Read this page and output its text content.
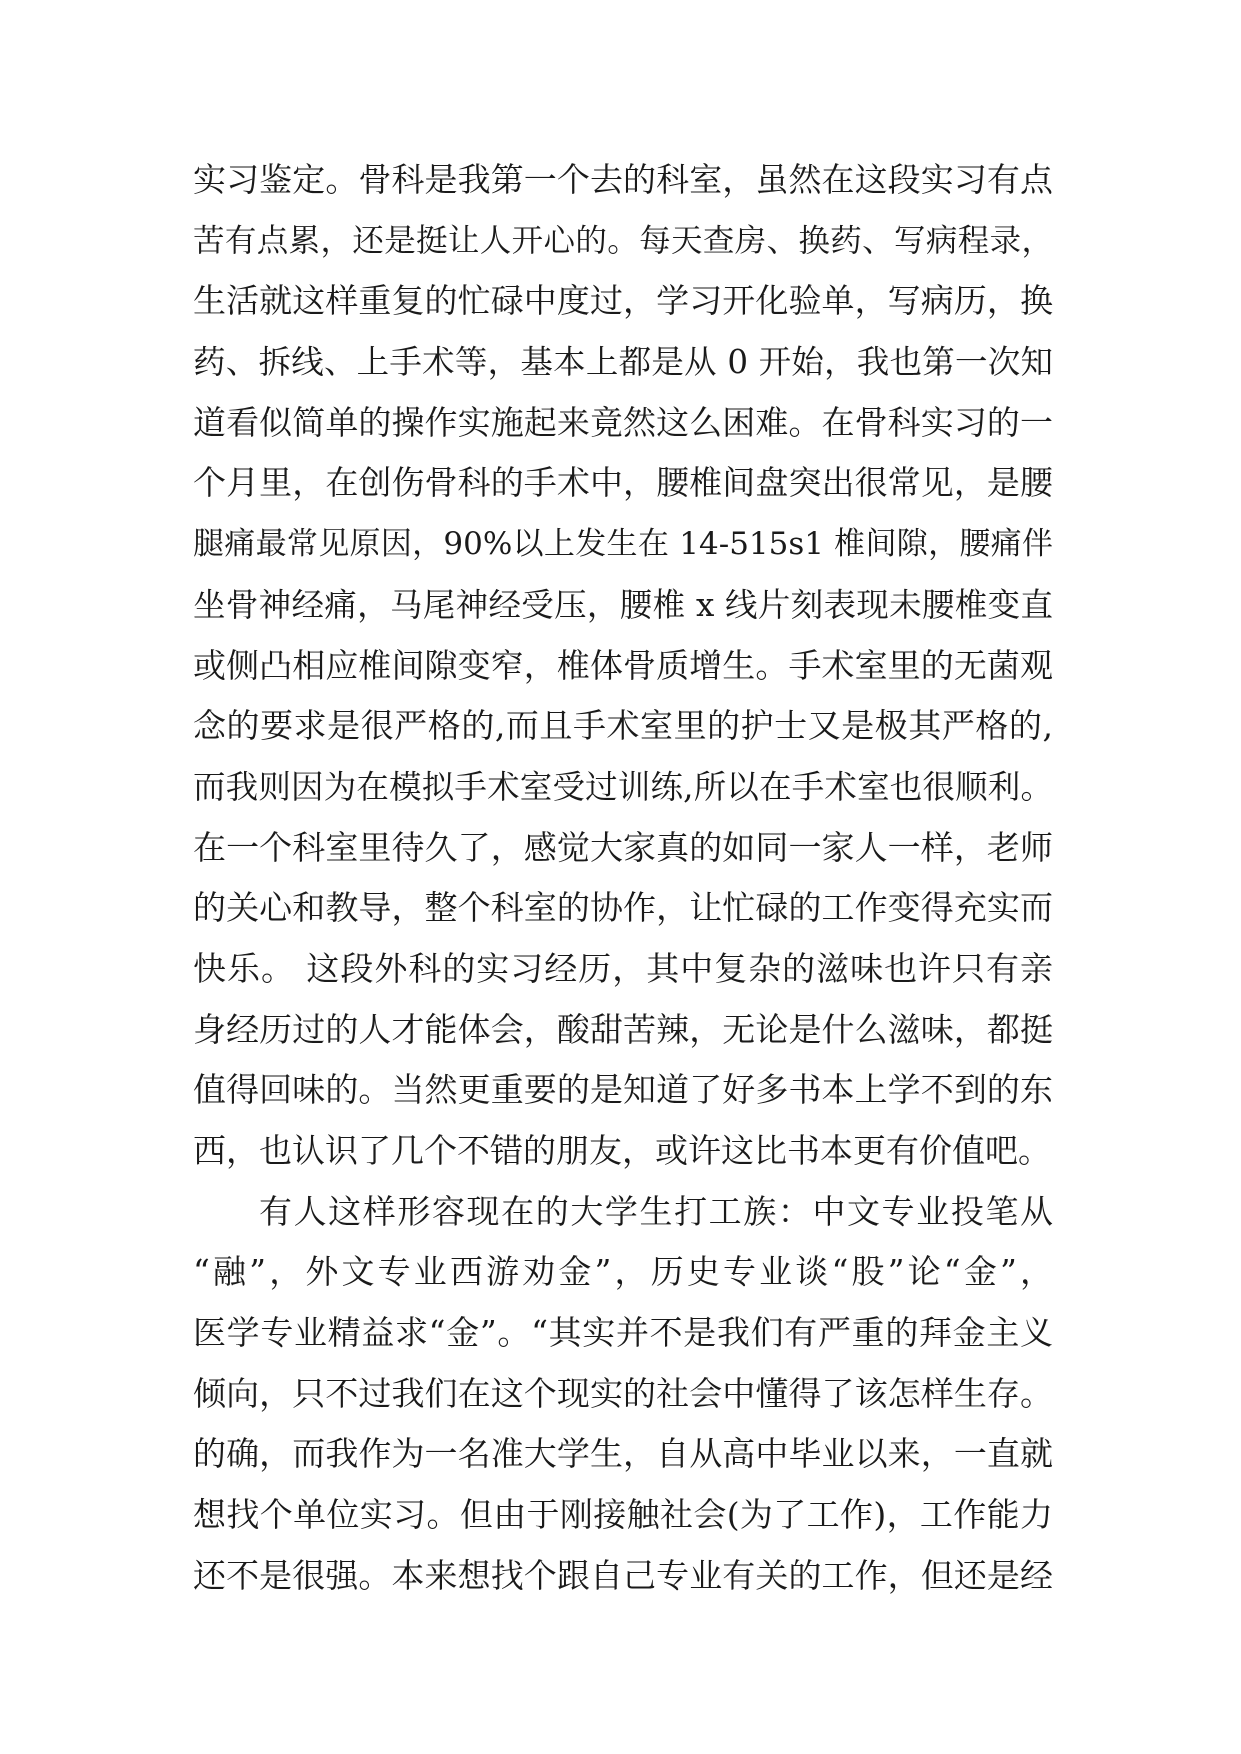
实习鉴定。骨科是我第一个去的科室，虽然在这段实习有点
苦有点累，还是挺让人开心的。每天查房、换药、写病程录，
生活就这样重复的忙碌中度过，学习开化验单，写病历，换
药、拆线、上手术等，基本上都是从 0 开始，我也第一次知
道看似简单的操作实施起来竟然这么困难。在骨科实习的一
个月里，在创伤骨科的手术中，腰椎间盘突出很常见，是腰
腿痛最常见原因，90%以上发生在 14-515s1 椎间隙，腰痛伴
坐骨神经痛，马尾神经受压，腰椎 x 线片刻表现未腰椎变直
或侧凸相应椎间隙变窄，椎体骨质增生。手术室里的无菌观
念的要求是很严格的,而且手术室里的护士又是极其严格的,
而我则因为在模拟手术室受过训练,所以在手术室也很顺利。
在一个科室里待久了，感觉大家真的如同一家人一样，老师
的关心和教导，整个科室的协作，让忙碌的工作变得充实而
快乐。 这段外科的实习经历，其中复杂的滋味也许只有亲
身经历过的人才能体会，酸甜苦辣，无论是什么滋味，都挺
值得回味的。当然更重要的是知道了好多书本上学不到的东
西，也认识了几个不错的朋友，或许这比书本更有价值吧。
有人这样形容现在的大学生打工族：中文专业投笔从
“融”，外文专业西游劝金”，历史专业谈“股”论“金”，
医学专业精益求“金”。“其实并不是我们有严重的拜金主义
倾向，只不过我们在这个现实的社会中懂得了该怎样生存。
的确，而我作为一名准大学生，自从高中毕业以来，一直就
想找个单位实习。但由于刚接触社会(为了工作)，工作能力
还不是很强。本来想找个跟自己专业有关的工作，但还是经
